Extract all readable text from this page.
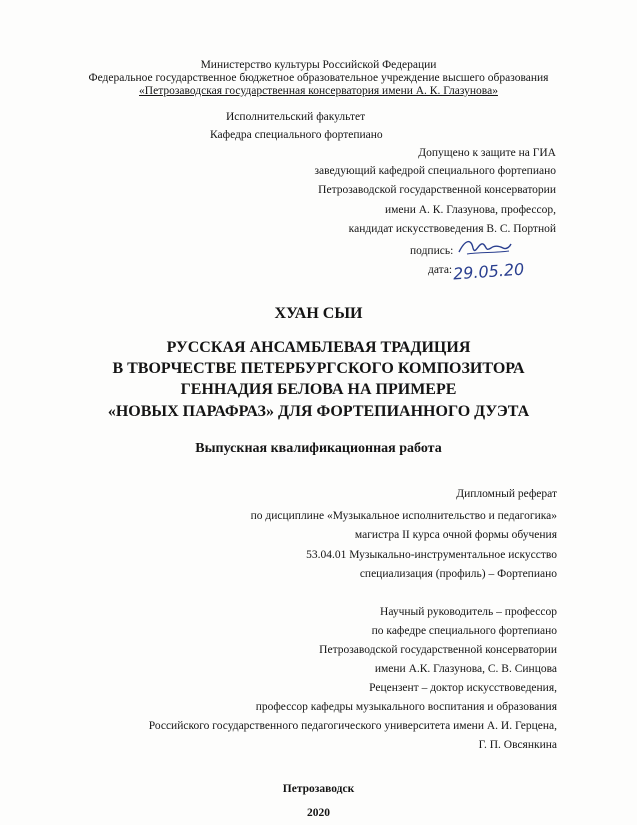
Министерство культуры Российской Федерации
Федеральное государственное бюджетное образовательное учреждение высшего образования
«Петрозаводская государственная консерватория имени А. К. Глазунова»
Исполнительский факультет
Кафедра специального фортепиано
Допущено к защите на ГИА
заведующий кафедрой специального фортепиано
Петрозаводской государственной консерватории
имени А. К. Глазунова, профессор,
кандидат искусствоведения В. С. Портной
подпись:
дата: 29.05.20
ХУАН СЫИ
РУССКАЯ АНСАМБЛЕВАЯ ТРАДИЦИЯ
В ТВОРЧЕСТВЕ ПЕТЕРБУРГСКОГО КОМПОЗИТОРА
ГЕННАДИЯ БЕЛОВА НА ПРИМЕРЕ
«НОВЫХ ПАРАФРАЗ» ДЛЯ ФОРТЕПИАННОГО ДУЭТА
Выпускная квалификационная работа
Дипломный реферат
по дисциплине «Музыкальное исполнительство и педагогика»
магистра II курса очной формы обучения
53.04.01 Музыкально-инструментальное искусство
специализация (профиль) – Фортепиано
Научный руководитель – профессор
по кафедре специального фортепиано
Петрозаводской государственной консерватории
имени А.К. Глазунова, С. В. Синцова
Рецензент – доктор искусствоведения,
профессор кафедры музыкального воспитания и образования
Российского государственного педагогического университета имени А. И. Герцена,
Г. П. Овсянкина
Петрозаводск
2020
